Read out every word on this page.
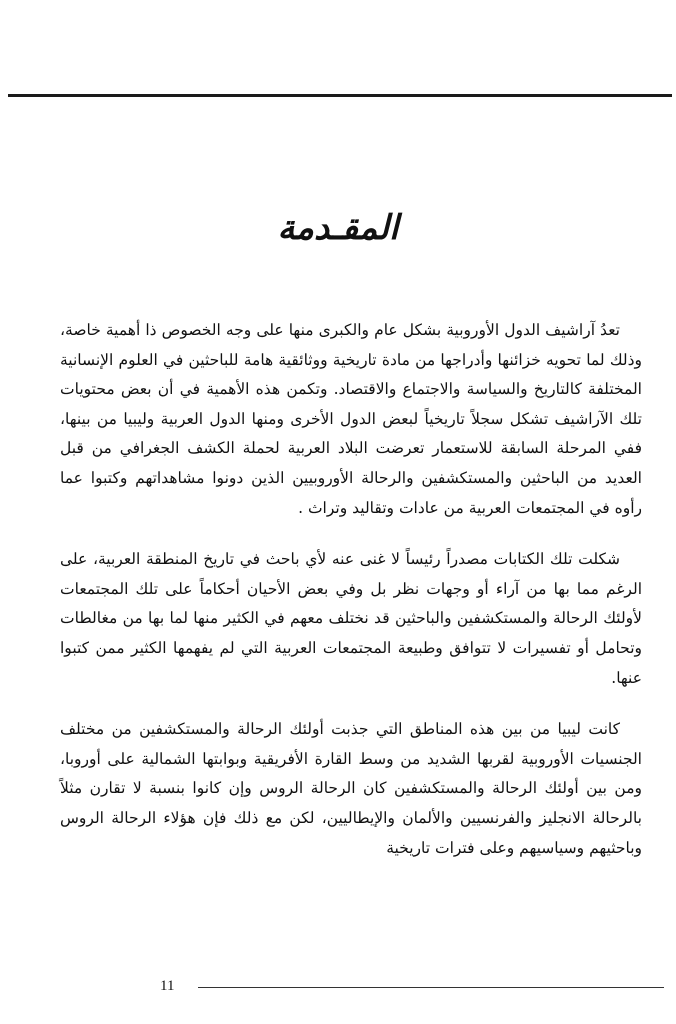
المقـدمة

تعدُ آراشيف الدول الأوروبية بشكل عام والكبرى منها على وجه الخصوص ذا أهمية خاصة، وذلك لما تحويه خزائنها وأدراجها من مادة تاريخية ووثائقية هامة للباحثين في العلوم الإنسانية المختلفة كالتاريخ والسياسة والاجتماع والاقتصاد. وتكمن هذه الأهمية في أن بعض محتويات تلك الآراشيف تشكل سجلاً تاريخياً لبعض الدول الأخرى ومنها الدول العربية وليبيا من بينها، ففي المرحلة السابقة للاستعمار تعرضت البلاد العربية لحملة الكشف الجغرافي من قبل العديد من الباحثين والمستكشفين والرحالة الأوروبيين الذين دونوا مشاهداتهم وكتبوا عما رأوه في المجتمعات العربية من عادات وتقاليد وتراث .

شكلت تلك الكتابات مصدراً رئيساً لا غنى عنه لأي باحث في تاريخ المنطقة العربية، على الرغم مما بها من آراء أو وجهات نظر بل وفي بعض الأحيان أحكاماً على تلك المجتمعات لأولئك الرحالة والمستكشفين والباحثين قد نختلف معهم في الكثير منها لما بها من مغالطات وتحامل أو تفسيرات لا تتوافق وطبيعة المجتمعات العربية التي لم يفهمها الكثير ممن كتبوا عنها.

كانت ليبيا من بين هذه المناطق التي جذبت أولئك الرحالة والمستكشفين من مختلف الجنسيات الأوروبية لقربها الشديد من وسط القارة الأفريقية وبوابتها الشمالية على أوروبا، ومن بين أولئك الرحالة والمستكشفين كان الرحالة الروس وإن كانوا بنسبة لا تقارن مثلاً بالرحالة الانجليز والفرنسيين والألمان والإيطاليين، لكن مع ذلك فإن هؤلاء الرحالة الروس وباحثيهم وسياسيهم وعلى فترات تاريخية

11
